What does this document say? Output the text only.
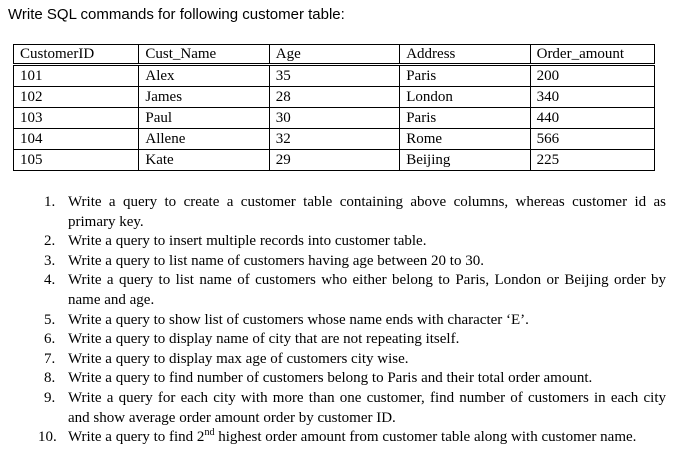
Write SQL commands for following customer table:
CustomerID	Cust_Name	Age	Address	Order_amount
101	Alex	35	Paris	200
102	James	28	London	340
103	Paul	30	Paris	440
104	Allene	32	Rome	566
105	Kate	29	Beijing	225
1. Write a query to create a customer table containing above columns, whereas customer id as primary key.
2. Write a query to insert multiple records into customer table.
3. Write a query to list name of customers having age between 20 to 30.
4. Write a query to list name of customers who either belong to Paris, London or Beijing order by name and age.
5. Write a query to show list of customers whose name ends with character ‘E’.
6. Write a query to display name of city that are not repeating itself.
7. Write a query to display max age of customers city wise.
8. Write a query to find number of customers belong to Paris and their total order amount.
9. Write a query for each city with more than one customer, find number of customers in each city and show average order amount order by customer ID.
10. Write a query to find 2nd highest order amount from customer table along with customer name.
